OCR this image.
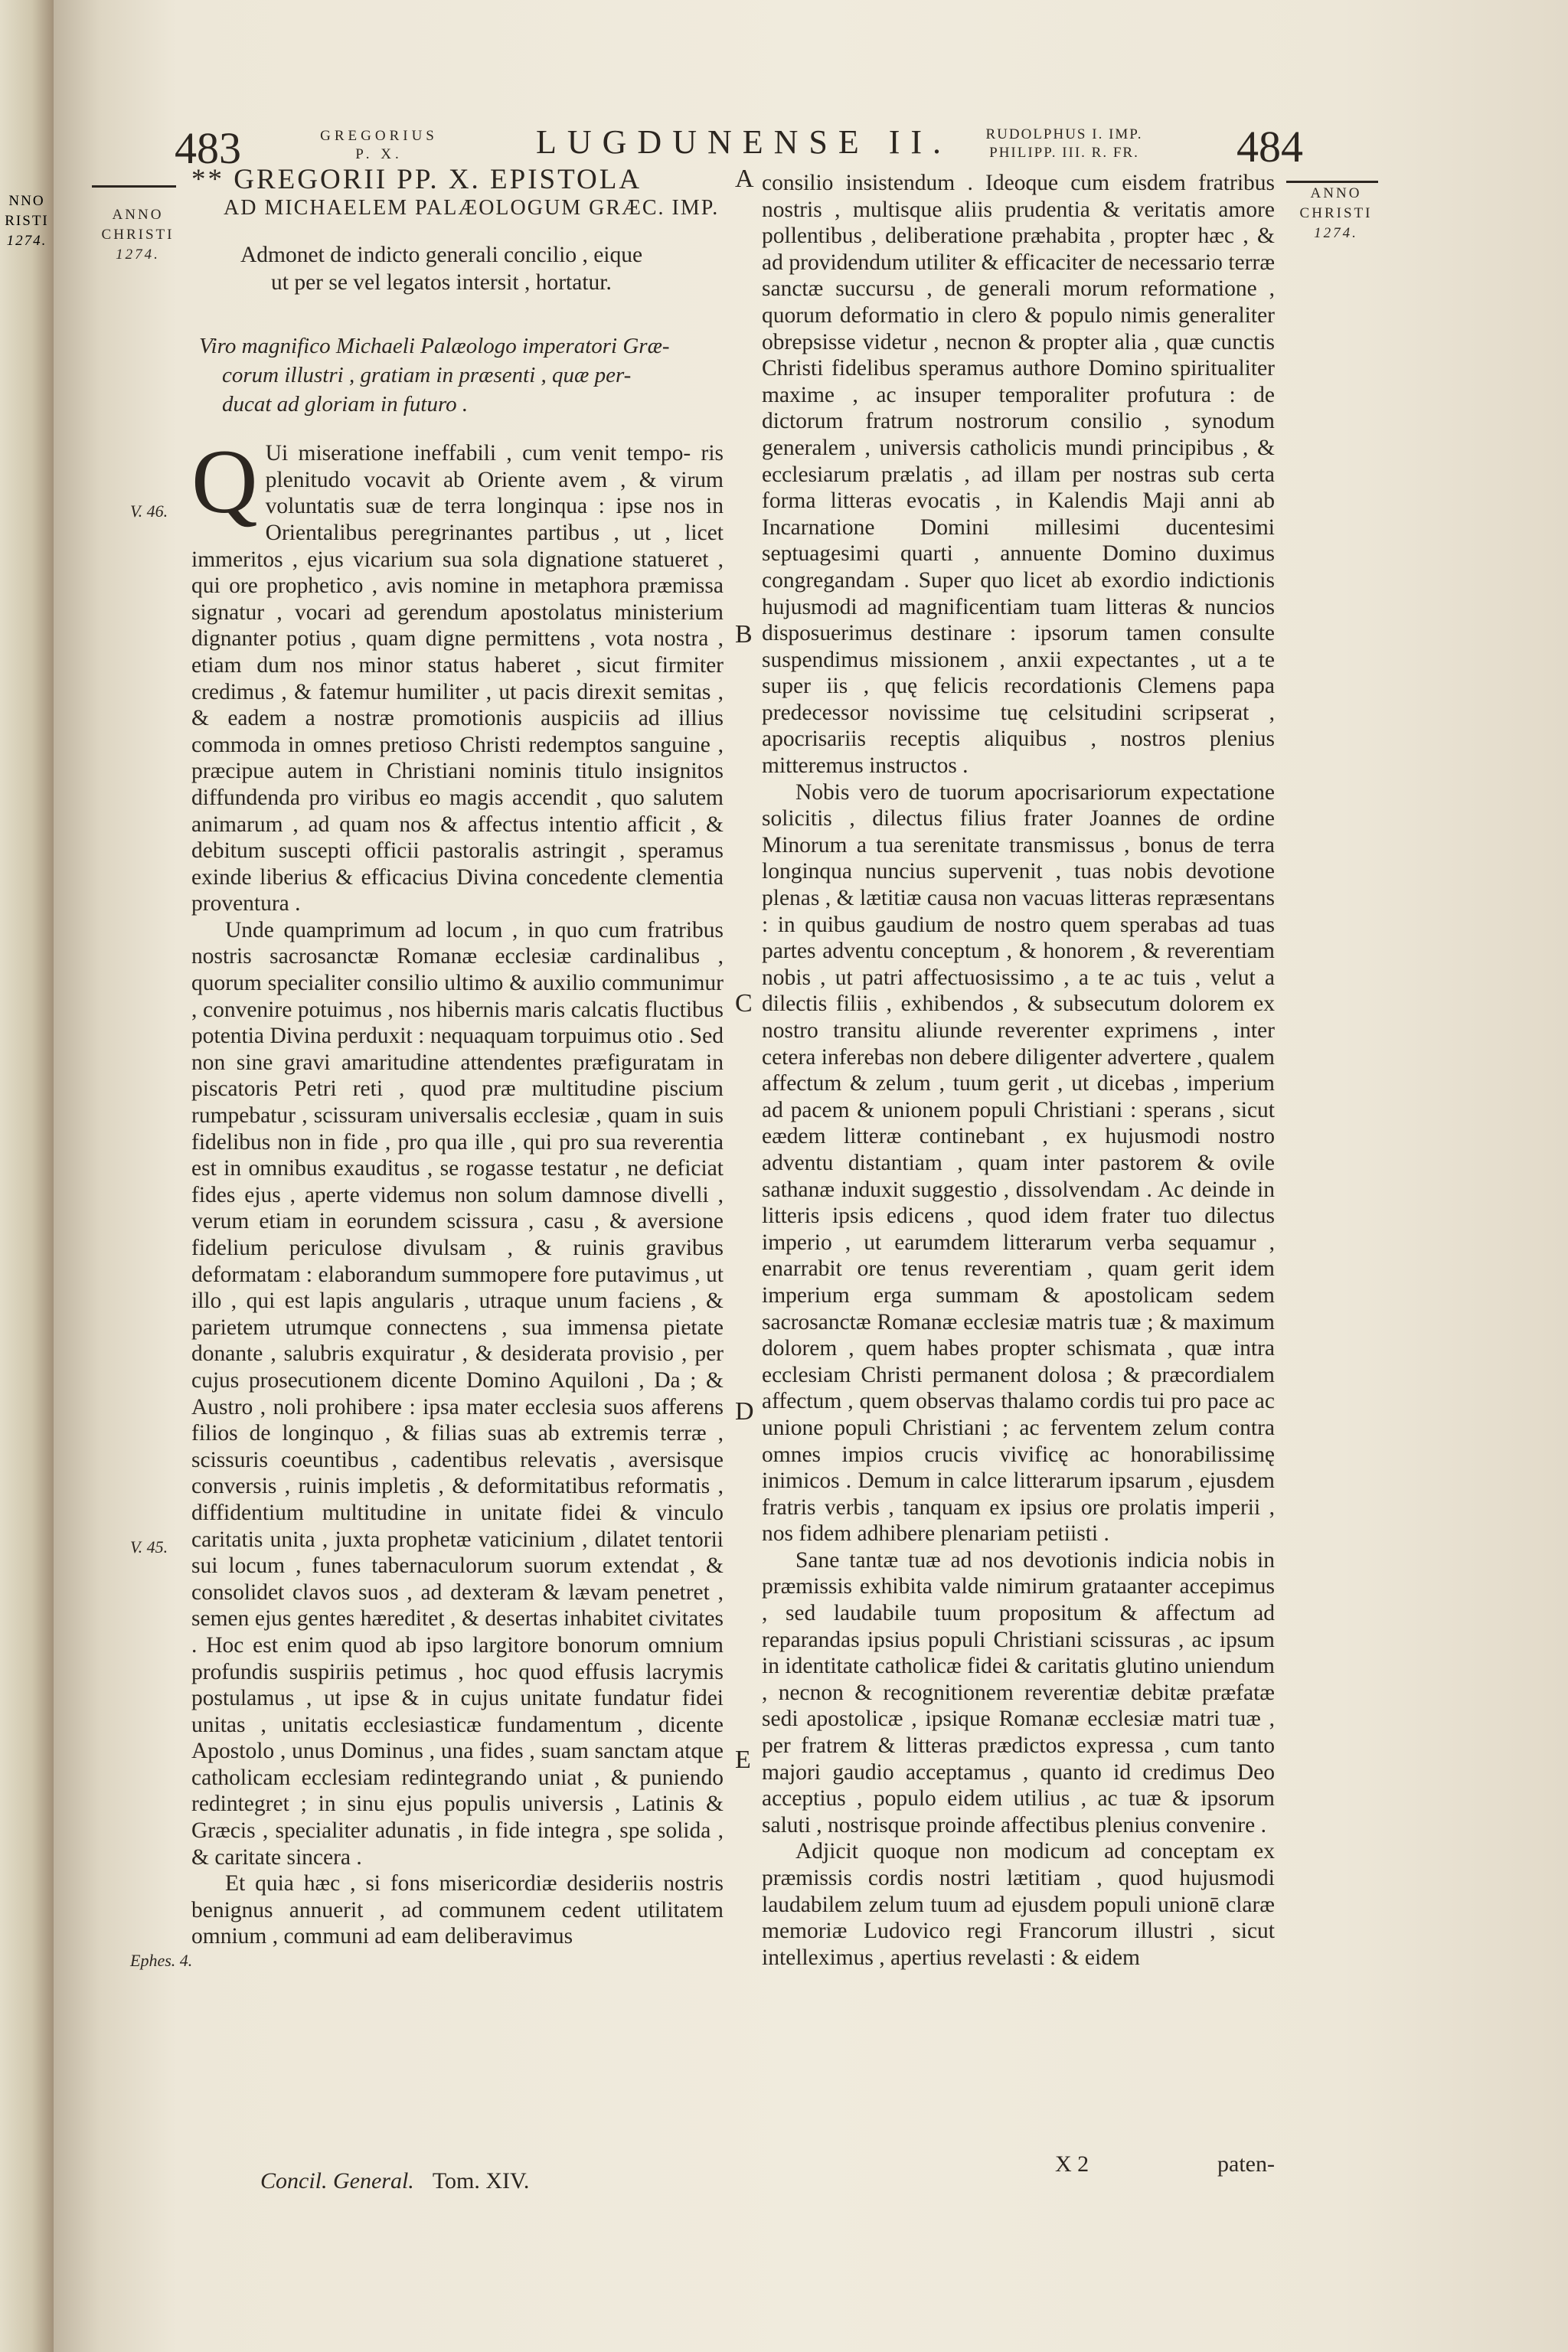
NNO
RISTI
1274.
483	GREGORIUS
P. X.	LUGDUNENSE II.	RUDOLPHUS I. IMP.
PHILIPP. III. R. FR.	484
ANNO
CHRISTI
1274.
V. 46.
V. 45.
Ephes. 4.
ANNO
CHRISTI
1274.
A
B
C
D
E
** GREGORII PP. X. EPISTOLA
AD MICHAELEM PALÆOLOGUM GRÆC. IMP.
Admonet de indicto generali concilio , eique
ut per se vel legatos intersit , hortatur.
Viro magnifico Michaeli Palæologo imperatori Græ-
corum illustri , gratiam in præsenti , quæ per-
ducat ad gloriam in futuro .

Q Ui miseratione ineffabili , cum venit tempo- ris plenitudo vocavit ab Oriente avem , & virum voluntatis suæ de terra longinqua : ipse nos in Orientalibus peregrinantes partibus , ut , licet immeritos , ejus vicarium sua sola dignatione statueret , qui ore prophetico , avis nomine in metaphora præmissa signatur , vocari ad gerendum apostolatus ministerium dignanter potius , quam digne permittens , vota nostra , etiam dum nos minor status haberet , sicut firmiter credimus , & fatemur humiliter , ut pacis direxit semitas , & eadem a nostræ promotionis auspiciis ad illius commoda in omnes pretioso Christi redemptos sanguine , præcipue autem in Christiani nominis titulo insignitos diffundenda pro viribus eo magis accendit , quo salutem animarum , ad quam nos & affectus intentio afficit , & debitum suscepti officii pastoralis astringit , speramus exinde liberius & efficacius Divina concedente clementia proventura .

Unde quamprimum ad locum , in quo cum fratribus nostris sacrosanctæ Romanæ ecclesiæ cardinalibus , quorum specialiter consilio ultimo & auxilio communimur , convenire potuimus , nos hibernis maris calcatis fluctibus potentia Divina perduxit : nequaquam torpuimus otio . Sed non sine gravi amaritudine attendentes præfiguratam in piscatoris Petri reti , quod præ multitudine piscium rumpebatur , scissuram universalis ecclesiæ , quam in suis fidelibus non in fide , pro qua ille , qui pro sua reverentia est in omnibus exauditus , se rogasse testatur , ne deficiat fides ejus , aperte videmus non solum damnose divelli , verum etiam in eorundem scissura , casu , & aversione fidelium periculose divulsam , & ruinis gravibus deformatam : elaborandum summopere fore putavimus , ut illo , qui est lapis angularis , utraque unum faciens , & parietem utrumque connectens , sua immensa pietate donante , salubris exquiratur , & desiderata provisio , per cujus prosecutionem dicente Domino Aquiloni , Da ; & Austro , noli prohibere : ipsa mater ecclesia suos afferens filios de longinquo , & filias suas ab extremis terræ , scissuris coeuntibus , cadentibus relevatis , aversisque conversis , ruinis impletis , & deformitatibus reformatis , diffidentium multitudine in unitate fidei & vinculo caritatis unita , juxta prophetæ vaticinium , dilatet tentorii sui locum , funes tabernaculorum suorum extendat , & consolidet clavos suos , ad dexteram & lævam penetret , semen ejus gentes hæreditet , & desertas inhabitet civitates . Hoc est enim quod ab ipso largitore bonorum omnium profundis suspiriis petimus , hoc quod effusis lacrymis postulamus , ut ipse & in cujus unitate fundatur fidei unitas , unitatis ecclesiasticæ fundamentum , dicente Apostolo , unus Dominus , una fides , suam sanctam atque catholicam ecclesiam redintegrando uniat , & puniendo redintegret ; in sinu ejus populis universis , Latinis & Græcis , specialiter adunatis , in fide integra , spe solida , & caritate sincera .

Et quia hæc , si fons misericordiæ desideriis nostris benignus annuerit , ad communem cedent utilitatem omnium , communi ad eam deliberavimus

consilio insistendum . Ideoque cum eisdem fratribus nostris , multisque aliis prudentia & veritatis amore pollentibus , deliberatione præhabita , propter hæc , & ad providendum utiliter & efficaciter de necessario terræ sanctæ succursu , de generali morum reformatione , quorum deformatio in clero & populo nimis generaliter obrepsisse videtur , necnon & propter alia , quæ cunctis Christi fidelibus speramus authore Domino spiritualiter maxime , ac insuper temporaliter profutura : de dictorum fratrum nostrorum consilio , synodum generalem , universis catholicis mundi principibus , & ecclesiarum prælatis , ad illam per nostras sub certa forma litteras evocatis , in Kalendis Maji anni ab Incarnatione Domini millesimi ducentesimi septuagesimi quarti , annuente Domino duximus congregandam . Super quo licet ab exordio indictionis hujusmodi ad magnificentiam tuam litteras & nuncios disposuerimus destinare : ipsorum tamen consulte suspendimus missionem , anxii expectantes , ut a te super iis , quę felicis recordationis Clemens papa predecessor novissime tuę celsitudini scripserat , apocrisariis receptis aliquibus , nostros plenius mitteremus instructos .

Nobis vero de tuorum apocrisariorum expectatione solicitis , dilectus filius frater Joannes de ordine Minorum a tua serenitate transmissus , bonus de terra longinqua nuncius supervenit , tuas nobis devotione plenas , & lætitiæ causa non vacuas litteras repræsentans : in quibus gaudium de nostro quem sperabas ad tuas partes adventu conceptum , & honorem , & reverentiam nobis , ut patri affectuosissimo , a te ac tuis , velut a dilectis filiis , exhibendos , & subsecutum dolorem ex nostro transitu aliunde reverenter exprimens , inter cetera inferebas non debere diligenter advertere , qualem affectum & zelum , tuum gerit , ut dicebas , imperium ad pacem & unionem populi Christiani : sperans , sicut eædem litteræ continebant , ex hujusmodi nostro adventu distantiam , quam inter pastorem & ovile sathanæ induxit suggestio , dissolvendam . Ac deinde in litteris ipsis edicens , quod idem frater tuo dilectus imperio , ut earumdem litterarum verba sequamur , enarrabit ore tenus reverentiam , quam gerit idem imperium erga summam & apostolicam sedem sacrosanctæ Romanæ ecclesiæ matris tuæ ; & maximum dolorem , quem habes propter schismata , quæ intra ecclesiam Christi permanent dolosa ; & præcordialem affectum , quem observas thalamo cordis tui pro pace ac unione populi Christiani ; ac ferventem zelum contra omnes impios crucis vivificę ac honorabilissimę inimicos . Demum in calce litterarum ipsarum , ejusdem fratris verbis , tanquam ex ipsius ore prolatis imperii , nos fidem adhibere plenariam petiisti .

Sane tantæ tuæ ad nos devotionis indicia nobis in præmissis exhibita valde nimirum grataanter accepimus , sed laudabile tuum propositum & affectum ad reparandas ipsius populi Christiani scissuras , ac ipsum in identitate catholicæ fidei & caritatis glutino uniendum , necnon & recognitionem reverentiæ debitæ præfatæ sedi apostolicæ , ipsique Romanæ ecclesiæ matri tuæ , per fratrem & litteras prædictos expressa , cum tanto majori gaudio acceptamus , quanto id credimus Deo acceptius , populo eidem utilius , ac tuæ & ipsorum saluti , nostrisque proinde affectibus plenius convenire .

Adjicit quoque non modicum ad conceptam ex præmissis cordis nostri lætitiam , quod hujusmodi laudabilem zelum tuum ad ejusdem populi unionē claræ memoriæ Ludovico regi Francorum illustri , sicut intelleximus , apertius revelasti : & eidem

Concil. General. Tom. XIV.
X 2	paten-
